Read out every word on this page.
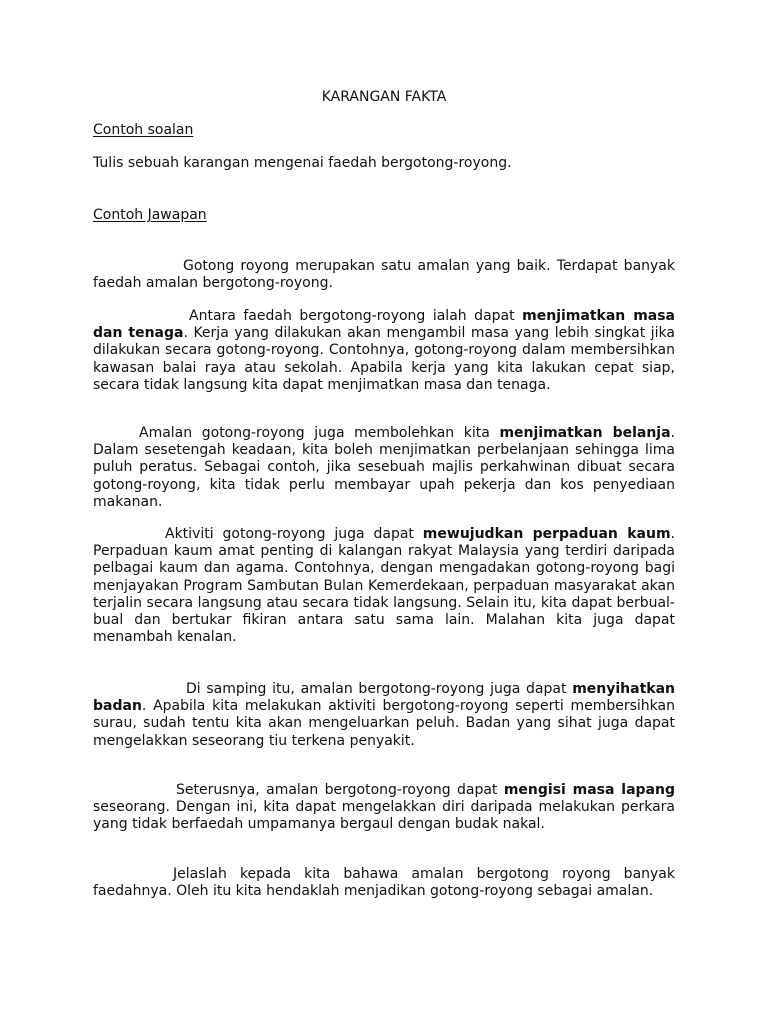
KARANGAN FAKTA

Contoh soalan

Tulis sebuah karangan mengenai faedah bergotong-royong.

Contoh Jawapan

Gotong royong merupakan satu amalan yang baik. Terdapat banyak faedah amalan bergotong-royong.

Antara faedah bergotong-royong ialah dapat menjimatkan masa dan tenaga. Kerja yang dilakukan akan mengambil masa yang lebih singkat jika dilakukan secara gotong-royong. Contohnya, gotong-royong dalam membersihkan kawasan balai raya atau sekolah. Apabila kerja yang kita lakukan cepat siap, secara tidak langsung kita dapat menjimatkan masa dan tenaga.

Amalan gotong-royong juga membolehkan kita menjimatkan belanja. Dalam sesetengah keadaan, kita boleh menjimatkan perbelanjaan sehingga lima puluh peratus. Sebagai contoh, jika sesebuah majlis perkahwinan dibuat secara gotong-royong, kita tidak perlu membayar upah pekerja dan kos penyediaan makanan.

Aktiviti gotong-royong juga dapat mewujudkan perpaduan kaum. Perpaduan kaum amat penting di kalangan rakyat Malaysia yang terdiri daripada pelbagai kaum dan agama. Contohnya, dengan mengadakan gotong-royong bagi menjayakan Program Sambutan Bulan Kemerdekaan, perpaduan masyarakat akan terjalin secara langsung atau secara tidak langsung. Selain itu, kita dapat berbual-bual dan bertukar fikiran antara satu sama lain. Malahan kita juga dapat menambah kenalan.

Di samping itu, amalan bergotong-royong juga dapat menyihatkan badan. Apabila kita melakukan aktiviti bergotong-royong seperti membersihkan surau, sudah tentu kita akan mengeluarkan peluh. Badan yang sihat juga dapat mengelakkan seseorang tiu terkena penyakit.

Seterusnya, amalan bergotong-royong dapat mengisi masa lapang seseorang. Dengan ini, kita dapat mengelakkan diri daripada melakukan perkara yang tidak berfaedah umpamanya bergaul dengan budak nakal.

Jelaslah kepada kita bahawa amalan bergotong royong banyak faedahnya. Oleh itu kita hendaklah menjadikan gotong-royong sebagai amalan.
